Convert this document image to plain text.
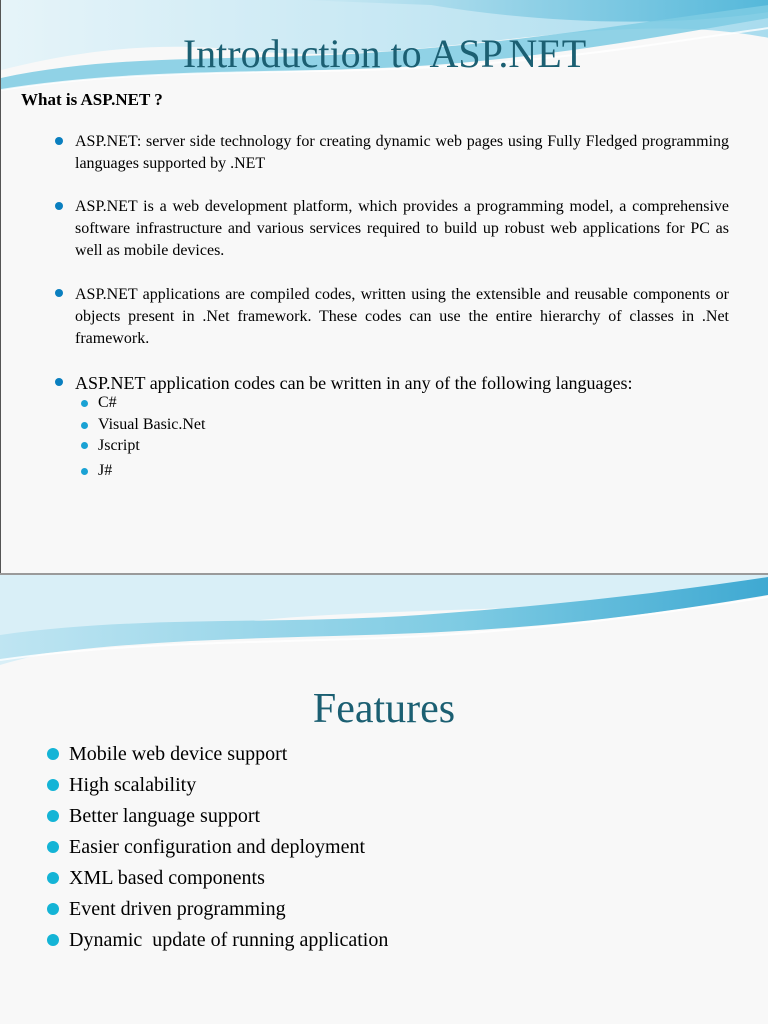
Introduction to ASP.NET
What is ASP.NET ?
ASP.NET: server side technology for creating dynamic web pages using Fully Fledged programming languages supported by .NET
ASP.NET is a web development platform, which provides a programming model, a comprehensive software infrastructure and various services required to build up robust web applications for PC as well as mobile devices.
ASP.NET applications are compiled codes, written using the extensible and reusable components or objects present in .Net framework. These codes can use the entire hierarchy of classes in .Net framework.
ASP.NET application codes can be written in any of the following languages:
C#
Visual Basic.Net
Jscript
J#
Features
Mobile web device support
High scalability
Better language support
Easier configuration and deployment
XML based components
Event driven programming
Dynamic  update of running application
